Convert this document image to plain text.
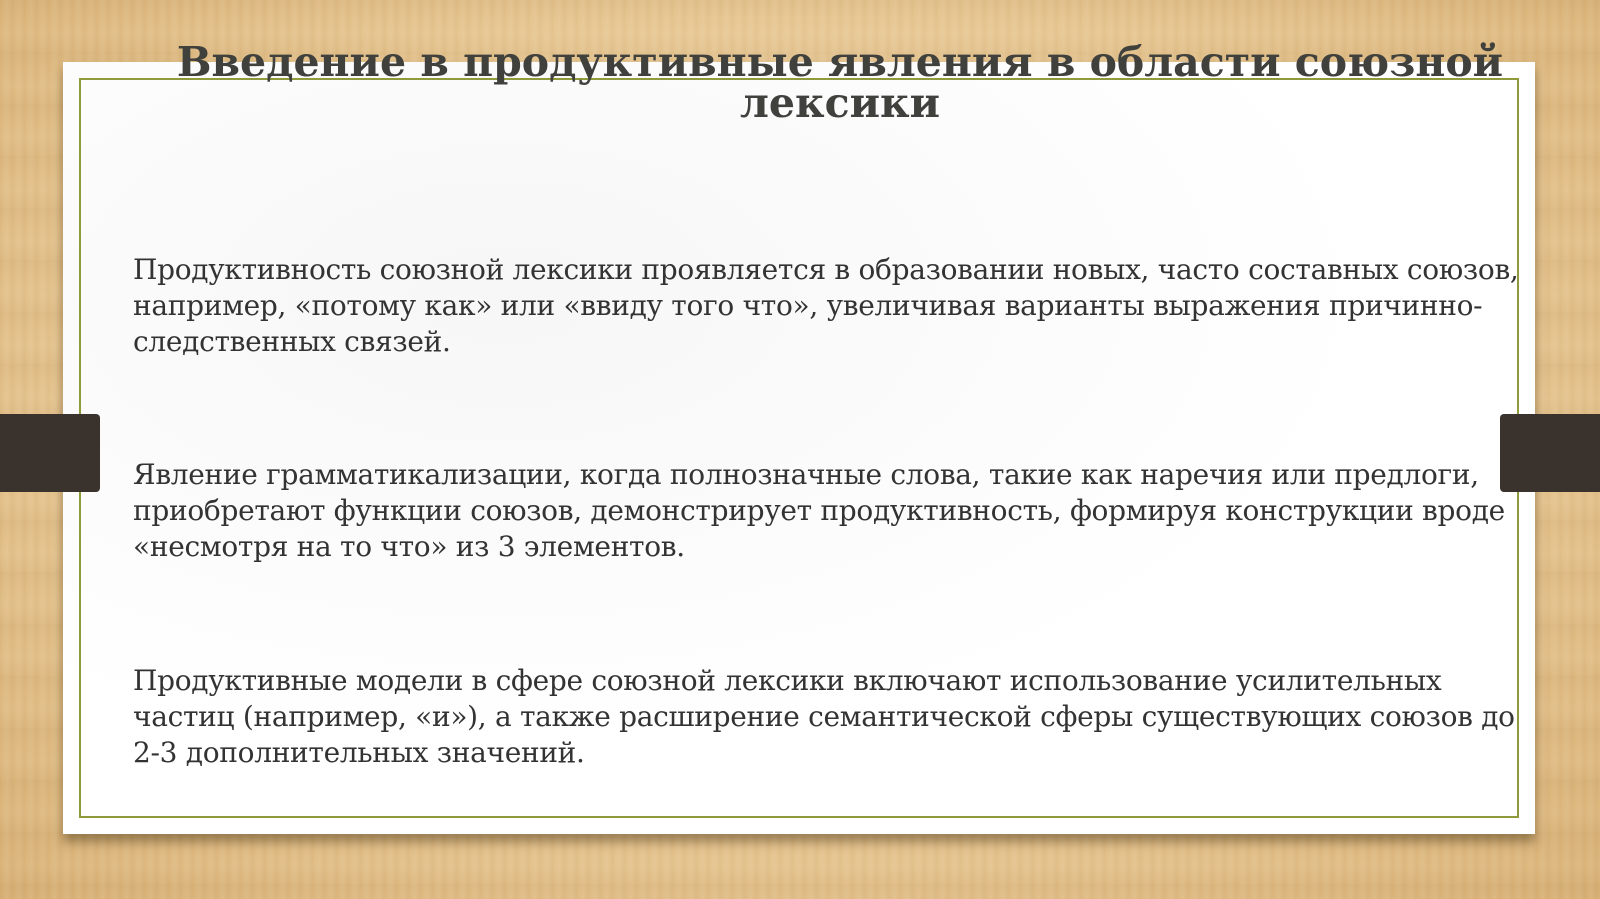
Введение в продуктивные явления в области союзной лексики

Продуктивность союзной лексики проявляется в образовании новых, часто составных союзов, например, «потому как» или «ввиду того что», увеличивая варианты выражения причинно-следственных связей.

Явление грамматикализации, когда полнозначные слова, такие как наречия или предлоги, приобретают функции союзов, демонстрирует продуктивность, формируя конструкции вроде «несмотря на то что» из 3 элементов.

Продуктивные модели в сфере союзной лексики включают использование усилительных частиц (например, «и»), а также расширение семантической сферы существующих союзов до 2-3 дополнительных значений.
